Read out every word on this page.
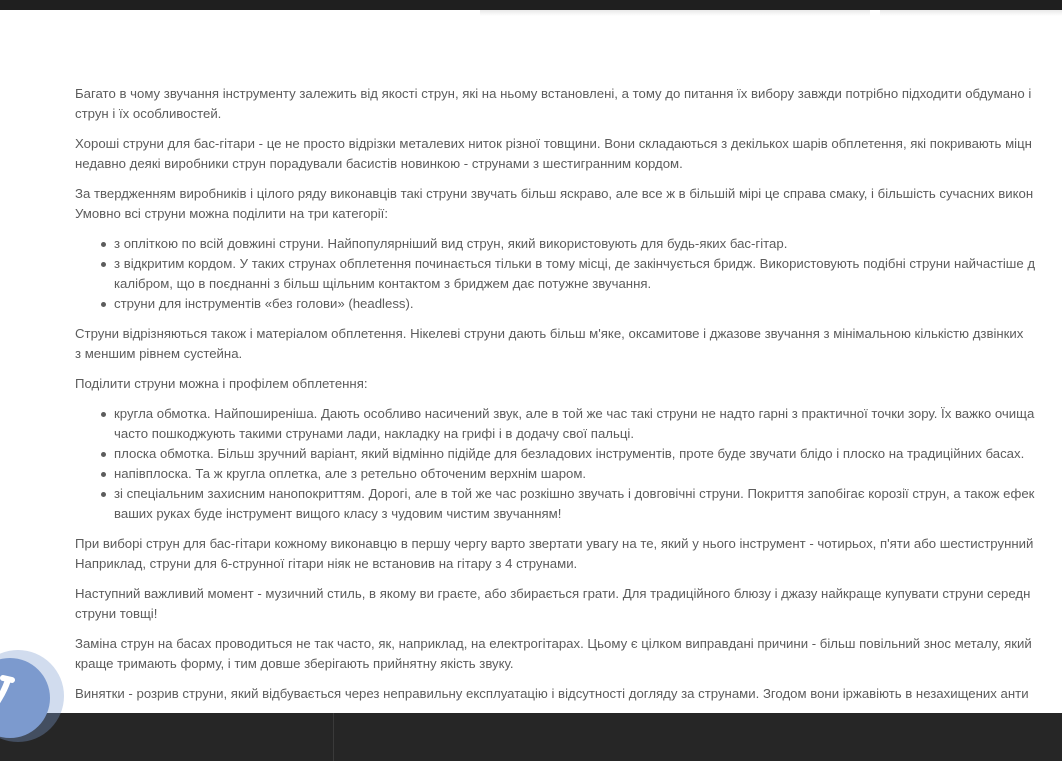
Багато в чому звучання інструменту залежить від якості струн, які на ньому встановлені, а тому до питання їх вибору завжди потрібно підходити обдумано і
струн і їх особливостей.

Хороші струни для бас-гітари - це не просто відрізки металевих ниток різної товщини. Вони складаються з декількох шарів обплетення, які покривають міцн
недавно деякі виробники струн порадували басистів новинкою - струнами з шестигранним кордом.

За твердженням виробників і цілого ряду виконавців такі струни звучать більш яскраво, але все ж в більшій мірі це справа смаку, і більшість сучасних викон
Умовно всі струни можна поділити на три категорії:

з опліткою по всій довжині струни. Найпопулярніший вид струн, який використовують для будь-яких бас-гітар.
з відкритим кордом. У таких струнах обплетення починається тільки в тому місці, де закінчується бридж. Використовують подібні струни найчастіше д
калібром, що в поєднанні з більш щільним контактом з бриджем дає потужне звучання.
струни для інструментів «без голови» (headless).

Струни відрізняються також і матеріалом обплетення. Нікелеві струни дають більш м'яке, оксамитове і джазове звучання з мінімальною кількістю дзвінких
з меншим рівнем сустейна.

Поділити струни можна і профілем обплетення:

кругла обмотка. Найпоширеніша. Дають особливо насичений звук, але в той же час такі струни не надто гарні з практичної точки зору. Їх важко очища
часто пошкоджують такими струнами лади, накладку на грифі і в додачу свої пальці.
плоска обмотка. Більш зручний варіант, який відмінно підійде для безладових інструментів, проте буде звучати блідо і плоско на традиційних басах.
напівплоска. Та ж кругла оплетка, але з ретельно обточеним верхнім шаром.
зі спеціальним захисним нанопокриттям. Дорогі, але в той же час розкішно звучать і довговічні струни. Покриття запобігає корозії струн, а також ефек
ваших руках буде інструмент вищого класу з чудовим чистим звучанням!

При виборі струн для бас-гітари кожному виконавцю в першу чергу варто звертати увагу на те, який у нього інструмент - чотирьох, п'яти або шестиструнний
Наприклад, струни для 6-струнної гітари ніяк не встановив на гітару з 4 струнами.

Наступний важливий момент - музичний стиль, в якому ви граєте, або збирається грати. Для традиційного блюзу і джазу найкраще купувати струни середн
струни товщі!

Заміна струн на басах проводиться не так часто, як, наприклад, на електрогітарах. Цьому є цілком виправдані причини - більш повільний знос металу, який
краще тримають форму, і тим довше зберігають прийнятну якість звуку.

Винятки - розрив струни, який відбувається через неправильну експлуатацію і відсутності догляду за струнами. Згодом вони іржавіють в незахищених анти
